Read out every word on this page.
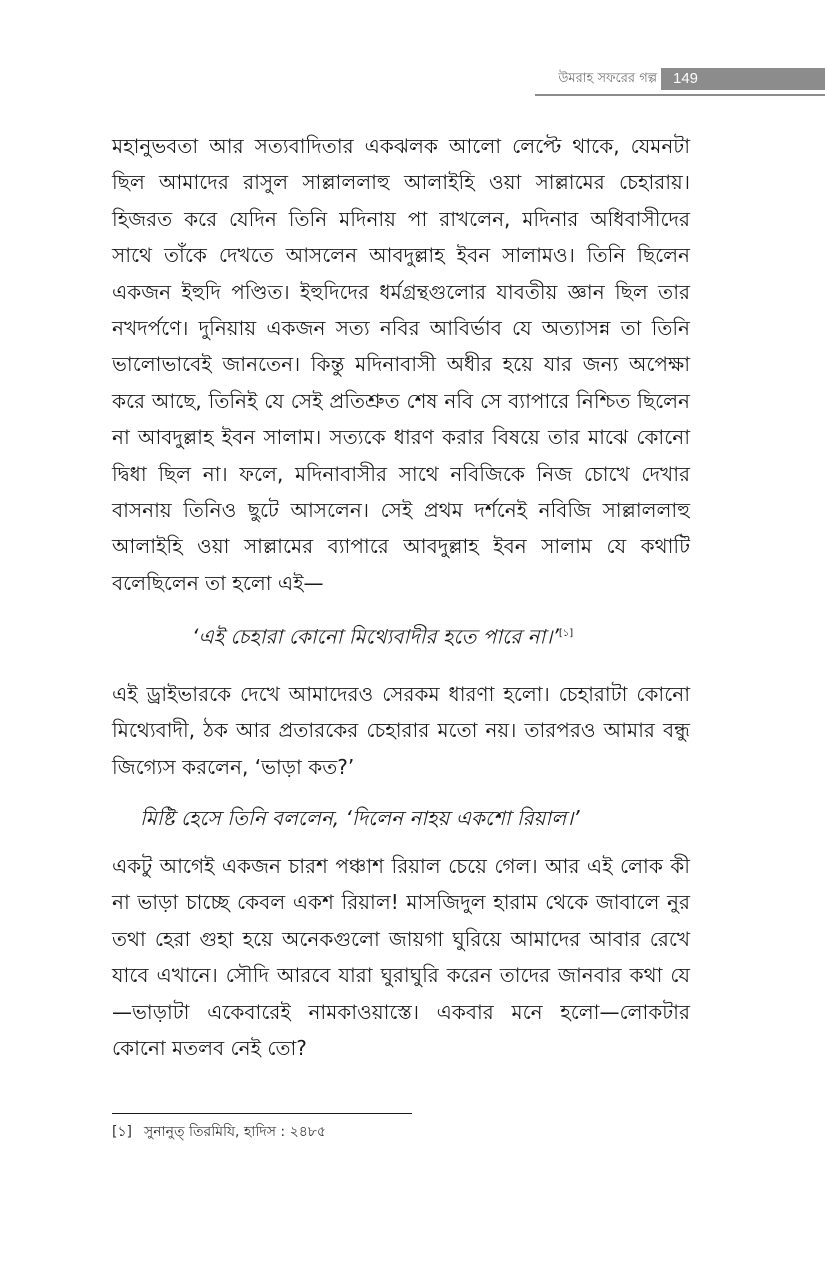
উমরাহ সফরের গল্প	149

মহানুভবতা আর সত্যবাদিতার একঝলক আলো লেপ্টে থাকে, যেমনটা ছিল আমাদের রাসুল সাল্লাললাহু আলাইহি ওয়া সাল্লামের চেহারায়। হিজরত করে যেদিন তিনি মদিনায় পা রাখলেন, মদিনার অধিবাসীদের সাথে তাঁকে দেখতে আসলেন আবদুল্লাহ ইবন সালামও। তিনি ছিলেন একজন ইহুদি পণ্ডিত। ইহুদিদের ধর্মগ্রন্থগুলোর যাবতীয় জ্ঞান ছিল তার নখদর্পণে। দুনিয়ায় একজন সত্য নবির আবির্ভাব যে অত্যাসন্ন তা তিনি ভালোভাবেই জানতেন। কিন্তু মদিনাবাসী অধীর হয়ে যার জন্য অপেক্ষা করে আছে, তিনিই যে সেই প্রতিশ্রুত শেষ নবি সে ব্যাপারে নিশ্চিত ছিলেন না আবদুল্লাহ ইবন সালাম। সত্যকে ধারণ করার বিষয়ে তার মাঝে কোনো দ্বিধা ছিল না। ফলে, মদিনাবাসীর সাথে নবিজিকে নিজ চোখে দেখার বাসনায় তিনিও ছুটে আসলেন। সেই প্রথম দর্শনেই নবিজি সাল্লাললাহু আলাইহি ওয়া সাল্লামের ব্যাপারে আবদুল্লাহ ইবন সালাম যে কথাটি বলেছিলেন তা হলো এই—

‘এই চেহারা কোনো মিথ্যেবাদীর হতে পারে না।’[১]

এই ড্রাইভারকে দেখে আমাদেরও সেরকম ধারণা হলো। চেহারাটা কোনো মিথ্যেবাদী, ঠক আর প্রতারকের চেহারার মতো নয়। তারপরও আমার বন্ধু জিগ্যেস করলেন, ‘ভাড়া কত?’

মিষ্টি হেসে তিনি বললেন, ‘দিলেন নাহয় একশো রিয়াল।’

একটু আগেই একজন চারশ পঞ্চাশ রিয়াল চেয়ে গেল। আর এই লোক কী না ভাড়া চাচ্ছে কেবল একশ রিয়াল! মাসজিদুল হারাম থেকে জাবালে নুর তথা হেরা গুহা হয়ে অনেকগুলো জায়গা ঘুরিয়ে আমাদের আবার রেখে যাবে এখানে। সৌদি আরবে যারা ঘুরাঘুরি করেন তাদের জানবার কথা যে—ভাড়াটা একেবারেই নামকাওয়াস্তে। একবার মনে হলো—লোকটার কোনো মতলব নেই তো?

[১] সুনানুত্ তিরমিযি, হাদিস : ২৪৮৫
